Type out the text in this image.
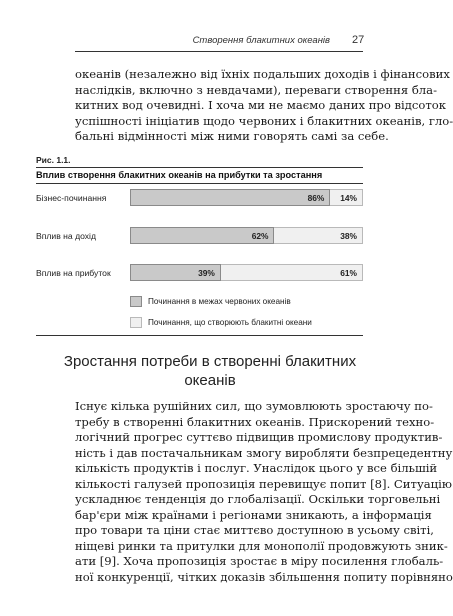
Створення блакитних океанів 27
океанів (незалежно від їхніх подальших доходів і фінансових
наслідків, включно з невдачами), переваги створення бла-
китних вод очевидні. І хоча ми не маємо даних про відсоток
успішності ініціатив щодо червоних і блакитних океанів, гло-
бальні відмінності між ними говорять самі за себе.
Рис. 1.1.
Вплив створення блакитних океанів на прибутки та зростання
Бізнес-починання	86% 14%
Вплив на дохід	62%	38%
Вплив на прибуток	39%	61%
Починання в межах червоних океанів
Починання, що створюють блакитні океани
Зростання потреби в створенні блакитних
океанів
Існує кілька рушійних сил, що зумовлюють зростаючу по-
требу в створенні блакитних океанів. Прискорений техно-
логічний прогрес суттєво підвищив промислову продуктив-
ність і дав постачальникам змогу виробляти безпрецедентну
кількість продуктів і послуг. Унаслідок цього у все більшій
кількості галузей пропозиція перевищує попит [8]. Ситуацію
ускладнює тенденція до глобалізації. Оскільки торговельні
бар'єри між країнами і регіонами зникають, а інформація
про товари та ціни стає миттєво доступною в усьому світі,
ніщеві ринки та притулки для монополії продовжують зник-
ати [9]. Хоча пропозиція зростає в міру посилення глобаль-
ної конкуренції, чітких доказів збільшення попиту порівняно
